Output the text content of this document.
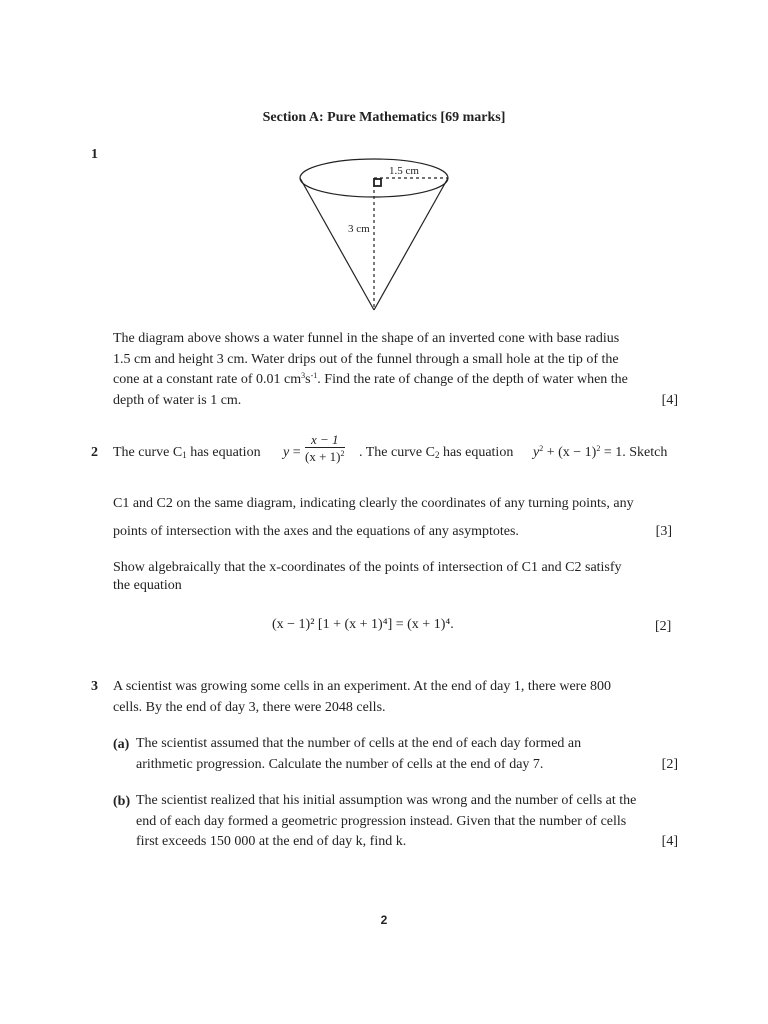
Section A: Pure Mathematics [69 marks]
1
1.5 cm
3 cm
The diagram above shows a water funnel in the shape of an inverted cone with base radius
1.5 cm and height 3 cm. Water drips out of the funnel through a small hole at the tip of the
cone at a constant rate of 0.01 $cm^3s^{-1}$. Find the rate of change of the depth of water when the
depth of water is 1 cm.	[4]
2 The curve $C_1$ has equation $y = \frac{x - 1}{(x + 1)^2}$ . The curve $C_2$ has equation $y^2 + (x - 1)^2 = 1$. Sketch
C1 and C2 on the same diagram, indicating clearly the coordinates of any turning points, any
points of intersection with the axes and the equations of any asymptotes.	[3]
Show algebraically that the x-coordinates of the points of intersection of C1 and C2 satisfy
the equation
(x − 1)² [1 + (x + 1)⁴] = (x + 1)⁴.	[2]
3 A scientist was growing some cells in an experiment. At the end of day 1, there were 800
cells. By the end of day 3, there were 2048 cells.
(a) The scientist assumed that the number of cells at the end of each day formed an
arithmetic progression. Calculate the number of cells at the end of day 7.	[2]
(b) The scientist realized that his initial assumption was wrong and the number of cells at the
end of each day formed a geometric progression instead. Given that the number of cells
first exceeds 150 000 at the end of day k, find k.	[4]
2
